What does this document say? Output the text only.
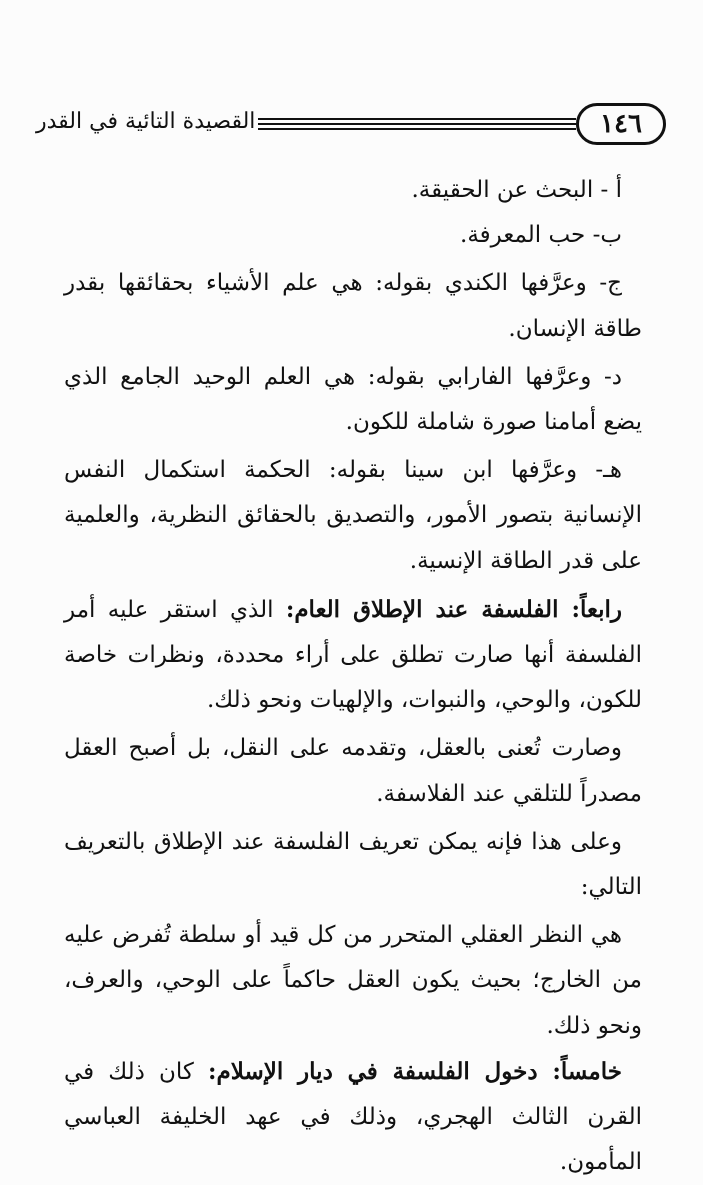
القصيدة التائية في القدر	١٤٦

أ - البحث عن الحقيقة.

ب- حب المعرفة.

ج- وعرَّفها الكندي بقوله: هي علم الأشياء بحقائقها بقدر طاقة الإنسان.

د- وعرَّفها الفارابي بقوله: هي العلم الوحيد الجامع الذي يضع أمامنا صورة شاملة للكون.

هـ- وعرَّفها ابن سينا بقوله: الحكمة استكمال النفس الإنسانية بتصور الأمور، والتصديق بالحقائق النظرية، والعلمية على قدر الطاقة الإنسية.

رابعاً: الفلسفة عند الإطلاق العام: الذي استقر عليه أمر الفلسفة أنها صارت تطلق على أراء محددة، ونظرات خاصة للكون، والوحي، والنبوات، والإلهيات ونحو ذلك.

وصارت تُعنى بالعقل، وتقدمه على النقل، بل أصبح العقل مصدراً للتلقي عند الفلاسفة.

وعلى هذا فإنه يمكن تعريف الفلسفة عند الإطلاق بالتعريف التالي:

هي النظر العقلي المتحرر من كل قيد أو سلطة تُفرض عليه من الخارج؛ بحيث يكون العقل حاكماً على الوحي، والعرف، ونحو ذلك.

خامساً: دخول الفلسفة في ديار الإسلام: كان ذلك في القرن الثالث الهجري، وذلك في عهد الخليفة العباسي المأمون.
